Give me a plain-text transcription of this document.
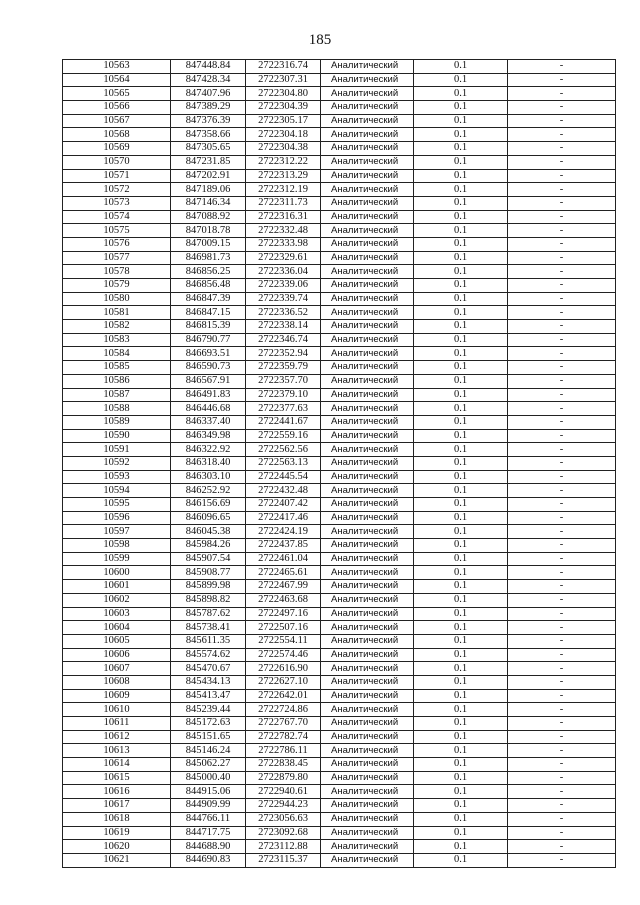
185
10563	847448.84	2722316.74	Аналитический	0.1	-
10564	847428.34	2722307.31	Аналитический	0.1	-
10565	847407.96	2722304.80	Аналитический	0.1	-
10566	847389.29	2722304.39	Аналитический	0.1	-
10567	847376.39	2722305.17	Аналитический	0.1	-
10568	847358.66	2722304.18	Аналитический	0.1	-
10569	847305.65	2722304.38	Аналитический	0.1	-
10570	847231.85	2722312.22	Аналитический	0.1	-
10571	847202.91	2722313.29	Аналитический	0.1	-
10572	847189.06	2722312.19	Аналитический	0.1	-
10573	847146.34	2722311.73	Аналитический	0.1	-
10574	847088.92	2722316.31	Аналитический	0.1	-
10575	847018.78	2722332.48	Аналитический	0.1	-
10576	847009.15	2722333.98	Аналитический	0.1	-
10577	846981.73	2722329.61	Аналитический	0.1	-
10578	846856.25	2722336.04	Аналитический	0.1	-
10579	846856.48	2722339.06	Аналитический	0.1	-
10580	846847.39	2722339.74	Аналитический	0.1	-
10581	846847.15	2722336.52	Аналитический	0.1	-
10582	846815.39	2722338.14	Аналитический	0.1	-
10583	846790.77	2722346.74	Аналитический	0.1	-
10584	846693.51	2722352.94	Аналитический	0.1	-
10585	846590.73	2722359.79	Аналитический	0.1	-
10586	846567.91	2722357.70	Аналитический	0.1	-
10587	846491.83	2722379.10	Аналитический	0.1	-
10588	846446.68	2722377.63	Аналитический	0.1	-
10589	846337.40	2722441.67	Аналитический	0.1	-
10590	846349.98	2722559.16	Аналитический	0.1	-
10591	846322.92	2722562.56	Аналитический	0.1	-
10592	846318.40	2722563.13	Аналитический	0.1	-
10593	846303.10	2722445.54	Аналитический	0.1	-
10594	846252.92	2722432.48	Аналитический	0.1	-
10595	846156.69	2722407.42	Аналитический	0.1	-
10596	846096.65	2722417.46	Аналитический	0.1	-
10597	846045.38	2722424.19	Аналитический	0.1	-
10598	845984.26	2722437.85	Аналитический	0.1	-
10599	845907.54	2722461.04	Аналитический	0.1	-
10600	845908.77	2722465.61	Аналитический	0.1	-
10601	845899.98	2722467.99	Аналитический	0.1	-
10602	845898.82	2722463.68	Аналитический	0.1	-
10603	845787.62	2722497.16	Аналитический	0.1	-
10604	845738.41	2722507.16	Аналитический	0.1	-
10605	845611.35	2722554.11	Аналитический	0.1	-
10606	845574.62	2722574.46	Аналитический	0.1	-
10607	845470.67	2722616.90	Аналитический	0.1	-
10608	845434.13	2722627.10	Аналитический	0.1	-
10609	845413.47	2722642.01	Аналитический	0.1	-
10610	845239.44	2722724.86	Аналитический	0.1	-
10611	845172.63	2722767.70	Аналитический	0.1	-
10612	845151.65	2722782.74	Аналитический	0.1	-
10613	845146.24	2722786.11	Аналитический	0.1	-
10614	845062.27	2722838.45	Аналитический	0.1	-
10615	845000.40	2722879.80	Аналитический	0.1	-
10616	844915.06	2722940.61	Аналитический	0.1	-
10617	844909.99	2722944.23	Аналитический	0.1	-
10618	844766.11	2723056.63	Аналитический	0.1	-
10619	844717.75	2723092.68	Аналитический	0.1	-
10620	844688.90	2723112.88	Аналитический	0.1	-
10621	844690.83	2723115.37	Аналитический	0.1	-
